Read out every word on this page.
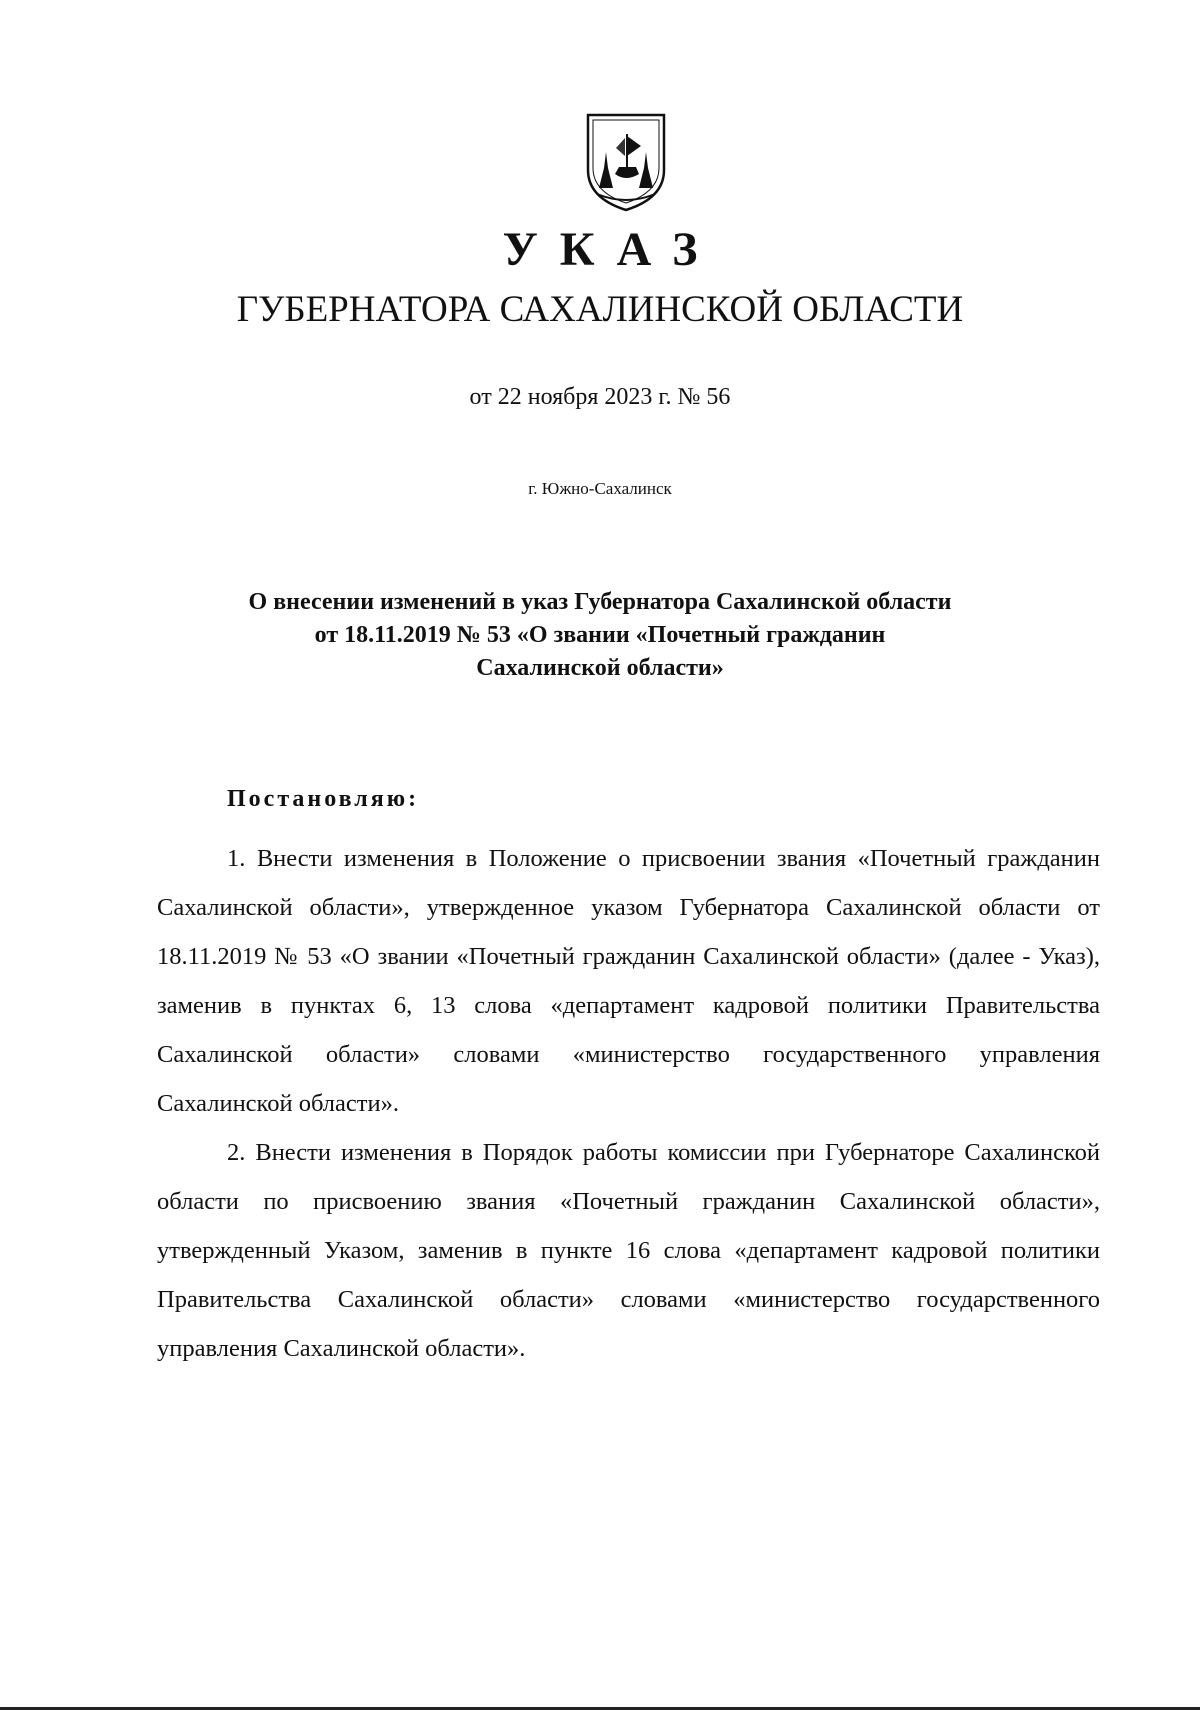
УКАЗ
ГУБЕРНАТОРА САХАЛИНСКОЙ ОБЛАСТИ
от 22 ноября 2023 г. № 56
г. Южно-Сахалинск
О внесении изменений в указ Губернатора Сахалинской области
от 18.11.2019 № 53 «О звании «Почетный гражданин
Сахалинской области»
Постановляю:

1. Внести изменения в Положение о присвоении звания «Почетный гражданин Сахалинской области», утвержденное указом Губернатора Сахалинской области от 18.11.2019 № 53 «О звании «Почетный гражданин Сахалинской области» (далее - Указ), заменив в пунктах 6, 13 слова «департамент кадровой политики Правительства Сахалинской области» словами «министерство государственного управления Сахалинской области».

2. Внести изменения в Порядок работы комиссии при Губернаторе Сахалинской области по присвоению звания «Почетный гражданин Сахалинской области», утвержденный Указом, заменив в пункте 16 слова «департамент кадровой политики Правительства Сахалинской области» словами «министерство государственного управления Сахалинской области».
